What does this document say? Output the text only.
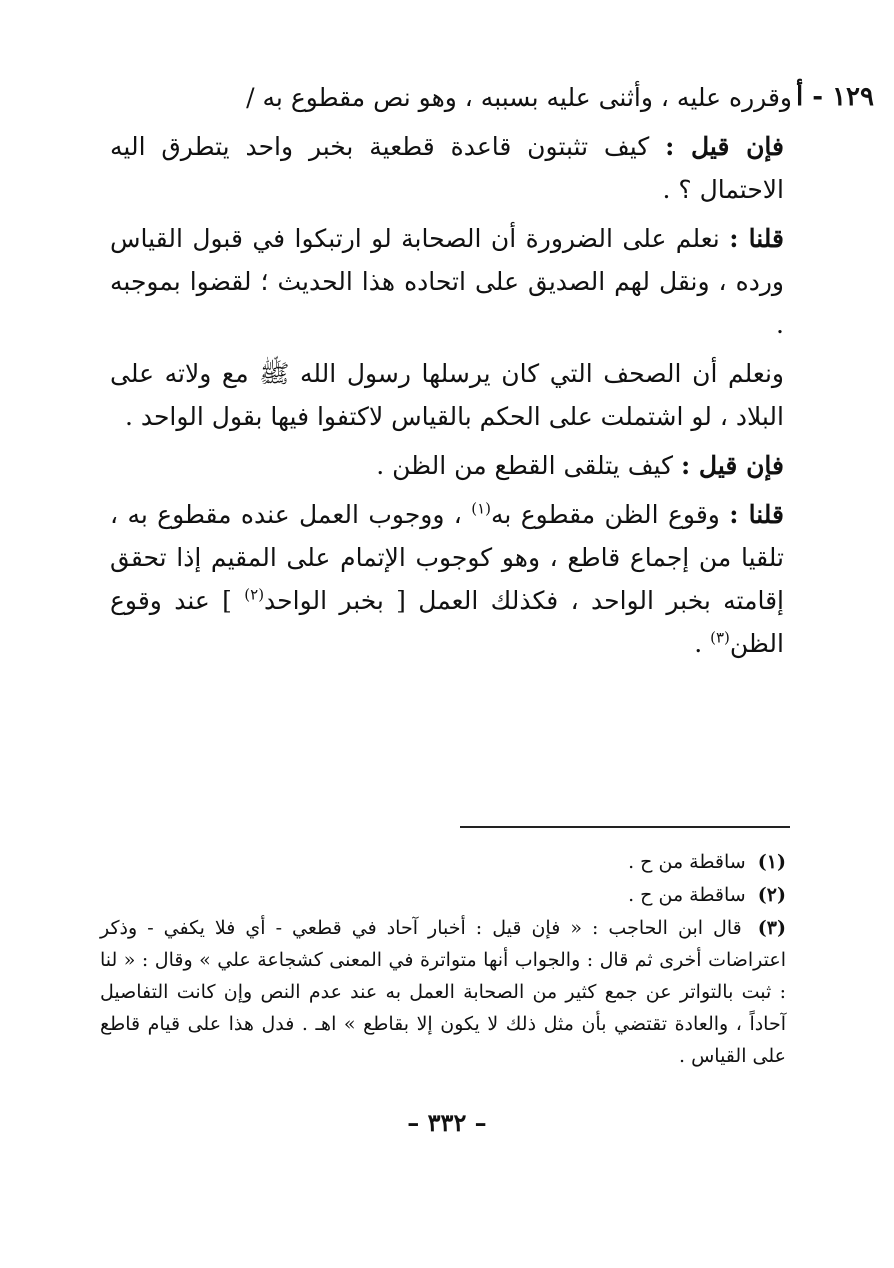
١٢٩ - أ

وقرره عليه ، وأثنى عليه بسببه ، وهو نص مقطوع به /

فإن قيل : كيف تثبتون قاعدة قطعية بخبر واحد يتطرق اليه الاحتمال ؟ .

قلنا : نعلم على الضرورة أن الصحابة لو ارتبكوا في قبول القياس ورده ، ونقل لهم الصديق على اتحاده هذا الحديث ؛ لقضوا بموجبه .

ونعلم أن الصحف التي كان يرسلها رسول الله ﷺ مع ولاته على البلاد ، لو اشتملت على الحكم بالقياس لاكتفوا فيها بقول الواحد .

فإن قيل : كيف يتلقى القطع من الظن .

قلنا : وقوع الظن مقطوع به$^{(١)}$ ، ووجوب العمل عنده مقطوع به ، تلقيا من إجماع قاطع ، وهو كوجوب الإتمام على المقيم إذا تحقق إقامته بخبر الواحد ، فكذلك العمل [ بخبر الواحد$^{(٢)}$ ] عند وقوع الظن$^{(٣)}$ .

(١) ساقطة من ح .

(٢) ساقطة من ح .

(٣) قال ابن الحاجب : « فإن قيل : أخبار آحاد في قطعي - أي فلا يكفي - وذكر اعتراضات أخرى ثم قال : والجواب أنها متواترة في المعنى كشجاعة علي » وقال : « لنا : ثبت بالتواتر عن جمع كثير من الصحابة العمل به عند عدم النص وإن كانت التفاصيل آحاداً ، والعادة تقتضي بأن مثل ذلك لا يكون إلا بقاطع » اهـ . فدل هذا على قيام قاطع على القياس .

– ٣٣٢ –
